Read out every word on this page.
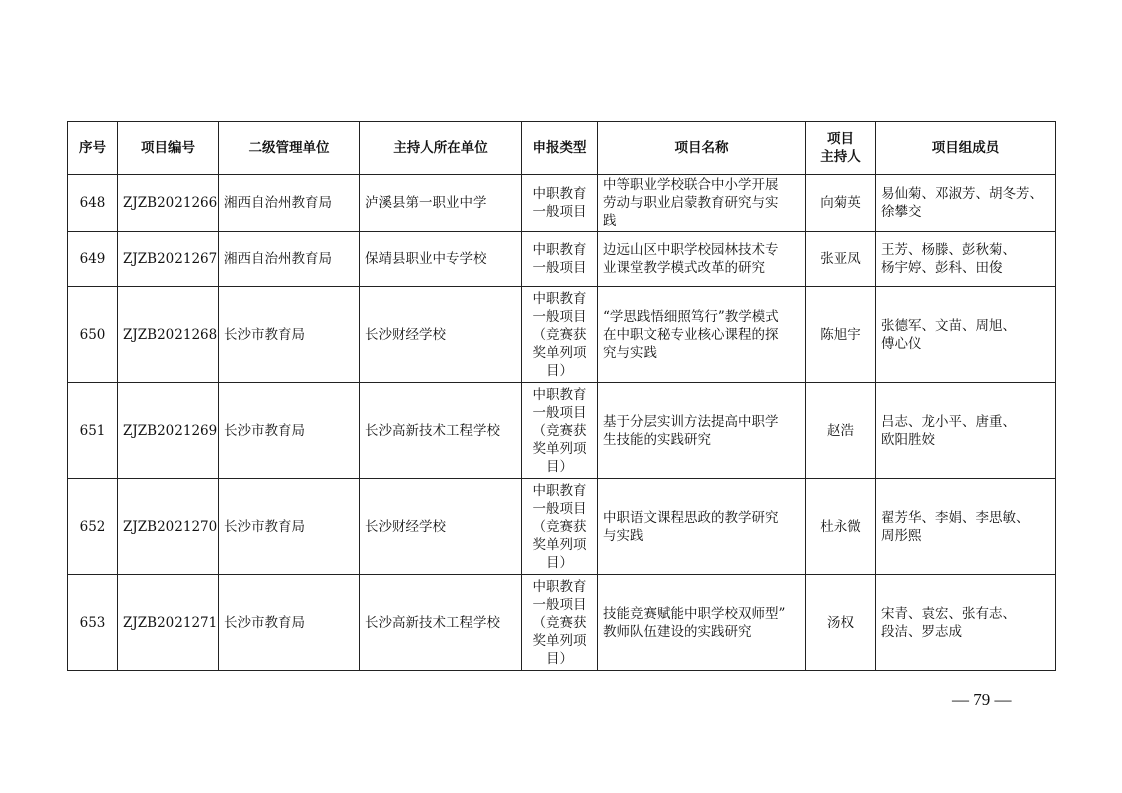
序号	项目编号	二级管理单位	主持人所在单位	申报类型	项目名称	项目
主持人	项目组成员
648	ZJZB2021266	湘西自治州教育局	泸溪县第一职业中学	中职教育
一般项目	中等职业学校联合中小学开展
劳动与职业启蒙教育研究与实
践	向菊英	易仙菊、邓淑芳、胡冬芳、
徐攀交
649	ZJZB2021267	湘西自治州教育局	保靖县职业中专学校	中职教育
一般项目	边远山区中职学校园林技术专
业课堂教学模式改革的研究	张亚凤	王芳、杨滕、彭秋菊、
杨宇婷、彭科、田俊
650	ZJZB2021268	长沙市教育局	长沙财经学校	中职教育
一般项目
（竞赛获
奖单列项
目）	“学思践悟细照笃行”教学模式
在中职文秘专业核心课程的探
究与实践	陈旭宇	张德军、文苗、周旭、
傅心仪
651	ZJZB2021269	长沙市教育局	长沙高新技术工程学校	中职教育
一般项目
（竞赛获
奖单列项
目）	基于分层实训方法提高中职学
生技能的实践研究	赵浩	吕志、龙小平、唐重、
欧阳胜姣
652	ZJZB2021270	长沙市教育局	长沙财经学校	中职教育
一般项目
（竞赛获
奖单列项
目）	中职语文课程思政的教学研究
与实践	杜永微	翟芳华、李娟、李思敏、
周彤熙
653	ZJZB2021271	长沙市教育局	长沙高新技术工程学校	中职教育
一般项目
（竞赛获
奖单列项
目）	技能竞赛赋能中职学校双师型”
教师队伍建设的实践研究	汤权	宋青、袁宏、张有志、
段洁、罗志成
— 79 —
